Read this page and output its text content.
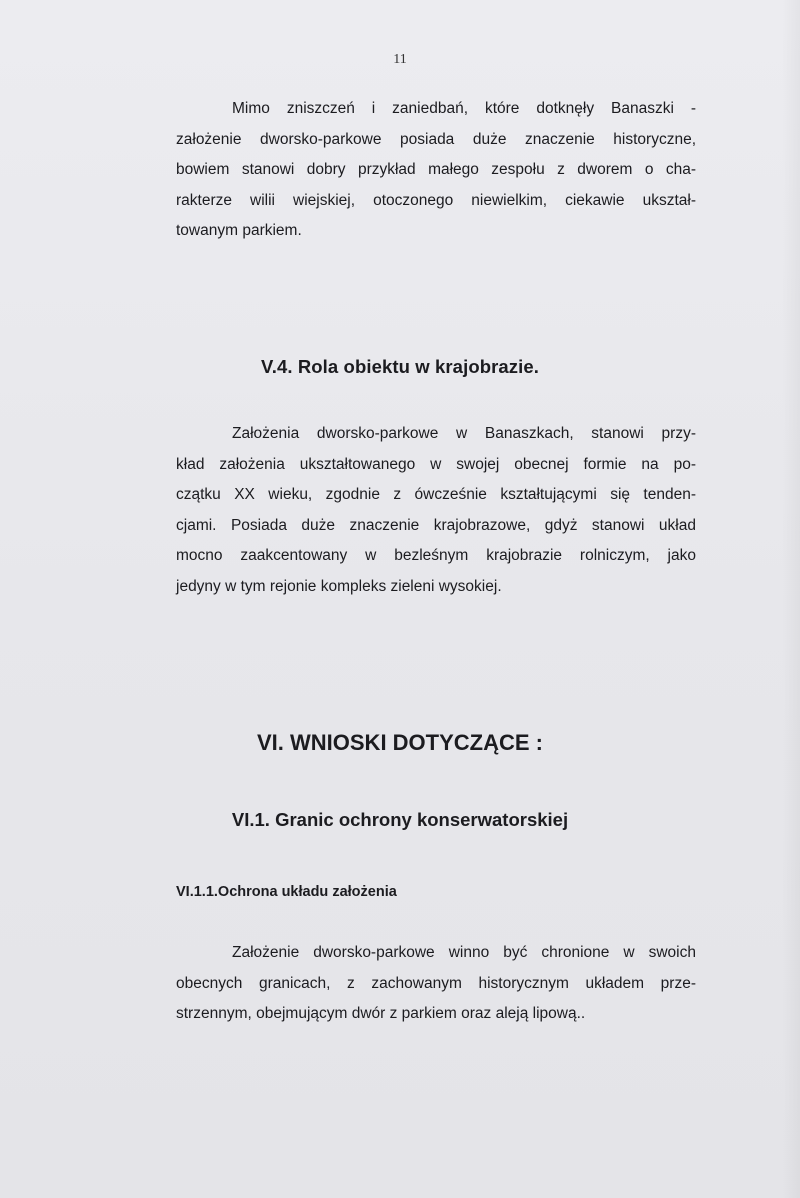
11

Mimo zniszczeń i zaniedbań, które dotknęły Banaszki -
założenie dworsko-parkowe posiada duże znaczenie historyczne,
bowiem stanowi dobry przykład małego zespołu z dworem o cha-
rakterze wilii wiejskiej, otoczonego niewielkim, ciekawie ukształ-
towanym parkiem.

V.4. Rola obiektu w krajobrazie.

Założenia dworsko-parkowe w Banaszkach, stanowi przy-
kład założenia ukształtowanego w swojej obecnej formie na po-
czątku XX wieku, zgodnie z ówcześnie kształtującymi się tenden-
cjami. Posiada duże znaczenie krajobrazowe, gdyż stanowi układ
mocno zaakcentowany w bezleśnym krajobrazie rolniczym, jako
jedyny w tym rejonie kompleks zieleni wysokiej.

VI. WNIOSKI DOTYCZĄCE :
VI.1. Granic ochrony konserwatorskiej
VI.1.1.Ochrona układu założenia

Założenie dworsko-parkowe winno być chronione w swoich
obecnych granicach, z zachowanym historycznym układem prze-
strzennym, obejmującym dwór z parkiem oraz aleją lipową..
